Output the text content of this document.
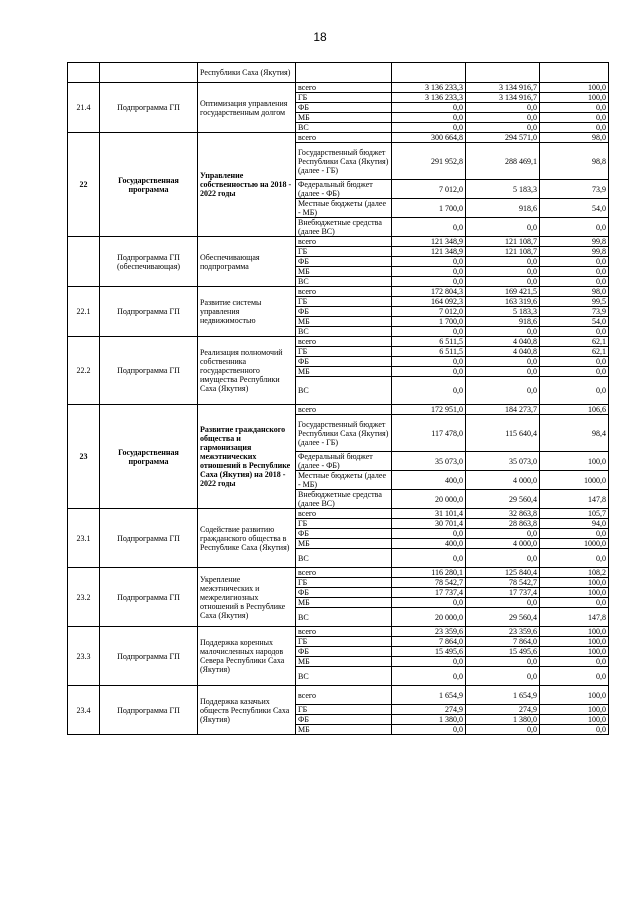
18
		Республики Саха (Якутия)				
21.4	Подпрограмма ГП	Оптимизация управления государственным долгом	всего	3 136 233,3	3 134 916,7	100,0
			ГБ	3 136 233,3	3 134 916,7	100,0
			ФБ	0,0	0,0	0,0
			МБ	0,0	0,0	0,0
			ВС	0,0	0,0	0,0
22	Государственная программа	Управление собственностью на 2018 - 2022 годы	всего	300 664,8	294 571,0	98,0
			Государственный бюджет Республики Саха (Якутия) (далее - ГБ)	291 952,8	288 469,1	98,8
			Федеральный бюджет (далее - ФБ)	7 012,0	5 183,3	73,9
			Местные бюджеты (далее - МБ)	1 700,0	918,6	54,0
			Внебюджетные средства (далее ВС)	0,0	0,0	0,0
	Подпрограмма ГП (обеспечивающая)	Обеспечивающая подпрограмма	всего	121 348,9	121 108,7	99,8
			ГБ	121 348,9	121 108,7	99,8
			ФБ	0,0	0,0	0,0
			МБ	0,0	0,0	0,0
			ВС	0,0	0,0	0,0
22.1	Подпрограмма ГП	Развитие системы управления недвижимостью	всего	172 804,3	169 421,5	98,0
			ГБ	164 092,3	163 319,6	99,5
			ФБ	7 012,0	5 183,3	73,9
			МБ	1 700,0	918,6	54,0
			ВС	0,0	0,0	0,0
22.2	Подпрограмма ГП	Реализация полномочий собственника государственного имущества Республики Саха (Якутия)	всего	6 511,5	4 040,8	62,1
			ГБ	6 511,5	4 040,8	62,1
			ФБ	0,0	0,0	0,0
			МБ	0,0	0,0	0,0
			ВС	0,0	0,0	0,0
23	Государственная программа	Развитие гражданского общества и гармонизация межэтнических отношений в Республике Саха (Якутия) на 2018 - 2022 годы	всего	172 951,0	184 273,7	106,6
			Государственный бюджет Республики Саха (Якутия) (далее - ГБ)	117 478,0	115 640,4	98,4
			Федеральный бюджет (далее - ФБ)	35 073,0	35 073,0	100,0
			Местные бюджеты (далее - МБ)	400,0	4 000,0	1000,0
			Внебюджетные средства (далее ВС)	20 000,0	29 560,4	147,8
23.1	Подпрограмма ГП	Содействие развитию гражданского общества в Республике Саха (Якутия)	всего	31 101,4	32 863,8	105,7
			ГБ	30 701,4	28 863,8	94,0
			ФБ	0,0	0,0	0,0
			МБ	400,0	4 000,0	1000,0
			ВС	0,0	0,0	0,0
23.2	Подпрограмма ГП	Укрепление межэтнических и межрелигиозных отношений в Республике Саха (Якутия)	всего	116 280,1	125 840,4	108,2
			ГБ	78 542,7	78 542,7	100,0
			ФБ	17 737,4	17 737,4	100,0
			МБ	0,0	0,0	0,0
			ВС	20 000,0	29 560,4	147,8
23.3	Подпрограмма ГП	Поддержка коренных малочисленных народов Севера Республики Саха (Якутия)	всего	23 359,6	23 359,6	100,0
			ГБ	7 864,0	7 864,0	100,0
			ФБ	15 495,6	15 495,6	100,0
			МБ	0,0	0,0	0,0
			ВС	0,0	0,0	0,0
23.4	Подпрограмма ГП	Поддержка казачьих обществ Республики Саха (Якутия)	всего	1 654,9	1 654,9	100,0
			ГБ	274,9	274,9	100,0
			ФБ	1 380,0	1 380,0	100,0
			МБ	0,0	0,0	0,0
